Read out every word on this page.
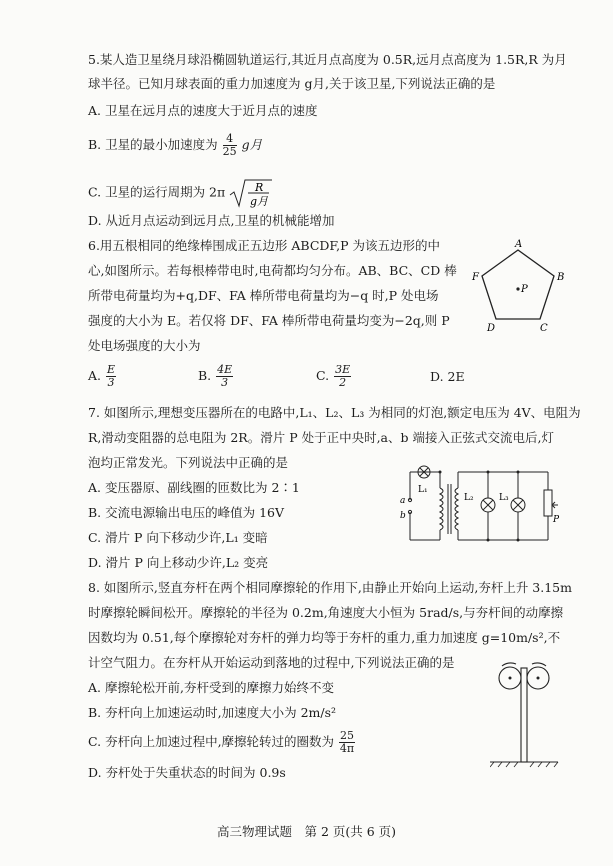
5.某人造卫星绕月球沿椭圆轨道运行,其近月点高度为 0.5R,远月点高度为 1.5R,R 为月
球半径。已知月球表面的重力加速度为 g月,关于该卫星,下列说法正确的是
A. 卫星在远月点的速度大于近月点的速度
B. 卫星的最小加速度为 $\frac{4}{25}$ g月
C. 卫星的运行周期为 2π	R
g月
D. 从近月点运动到远月点,卫星的机械能增加
6.用五根相同的绝缘棒围成正五边形 ABCDF,P 为该五边形的中
心,如图所示。若每根棒带电时,电荷都均匀分布。AB、BC、CD 棒
所带电荷量均为+q,DF、FA 棒所带电荷量均为−q 时,P 处电场
强度的大小为 E。若仅将 DF、FA 棒所带电荷量均变为−2q,则 P
处电场强度的大小为
A
B
C
D
F
P
A. $\frac{E}{3}$	B. $\frac{4E}{3}$	C. $\frac{3E}{2}$	D. 2E
7. 如图所示,理想变压器所在的电路中,L₁、L₂、L₃ 为相同的灯泡,额定电压为 4V、电阻为
R,滑动变阻器的总电阻为 2R。滑片 P 处于正中央时,a、b 端接入正弦式交流电后,灯
泡均正常发光。下列说法中正确的是
A. 变压器原、副线圈的匝数比为 2∶1
B. 交流电源输出电压的峰值为 16V
C. 滑片 P 向下移动少许,L₁ 变暗
D. 滑片 P 向上移动少许,L₂ 变亮
L₁
L₂	L₃
a
b	P
8. 如图所示,竖直夯杆在两个相同摩擦轮的作用下,由静止开始向上运动,夯杆上升 3.15m
时摩擦轮瞬间松开。摩擦轮的半径为 0.2m,角速度大小恒为 5rad/s,与夯杆间的动摩擦
因数均为 0.51,每个摩擦轮对夯杆的弹力均等于夯杆的重力,重力加速度 g=10m/s²,不
计空气阻力。在夯杆从开始运动到落地的过程中,下列说法正确的是
A. 摩擦轮松开前,夯杆受到的摩擦力始终不变
B. 夯杆向上加速运动时,加速度大小为 2m/s²
C. 夯杆向上加速过程中,摩擦轮转过的圈数为 $\frac{25}{4\pi}$
D. 夯杆处于失重状态的时间为 0.9s
高三物理试题　第 2 页(共 6 页)
